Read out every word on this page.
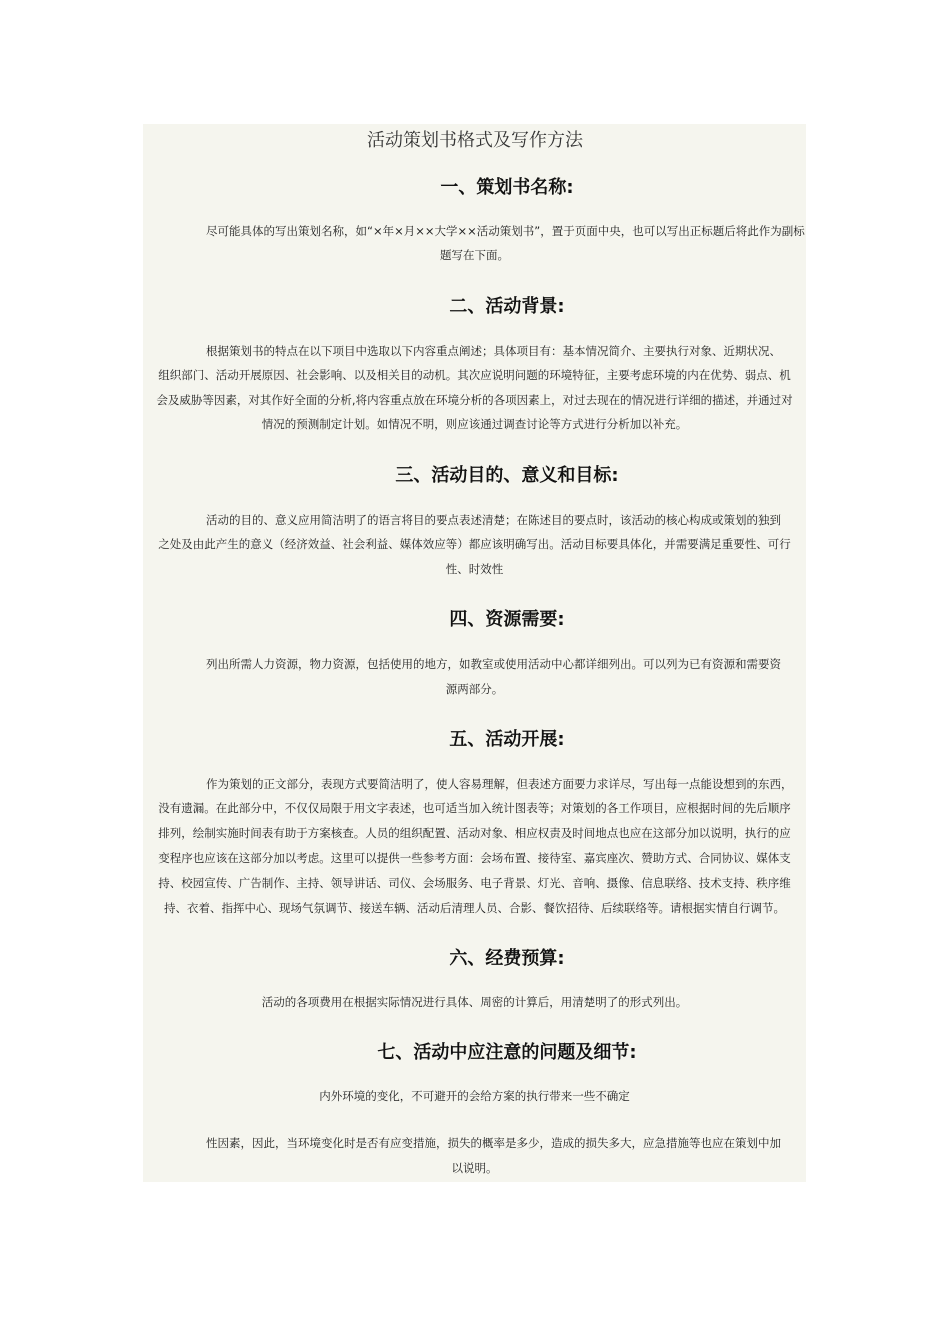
活动策划书格式及写作方法
一、策划书名称:
尽可能具体的写出策划名称，如“×年×月××大学××活动策划书”，置于页面中央，也可以写出正标题后将此作为副标
题写在下面。
二、活动背景:
根据策划书的特点在以下项目中选取以下内容重点阐述；具体项目有：基本情况简介、主要执行对象、近期状况、
组织部门、活动开展原因、社会影响、以及相关目的动机。其次应说明问题的环境特征，主要考虑环境的内在优势、弱点、机
会及威胁等因素，对其作好全面的分析,将内容重点放在环境分析的各项因素上，对过去现在的情况进行详细的描述，并通过对
情况的预测制定计划。如情况不明，则应该通过调查讨论等方式进行分析加以补充。
三、活动目的、意义和目标:
活动的目的、意义应用简洁明了的语言将目的要点表述清楚；在陈述目的要点时，该活动的核心构成或策划的独到
之处及由此产生的意义（经济效益、社会利益、媒体效应等）都应该明确写出。活动目标要具体化，并需要满足重要性、可行
性、时效性
四、资源需要:
列出所需人力资源，物力资源，包括使用的地方，如教室或使用活动中心都详细列出。可以列为已有资源和需要资
源两部分。
五、活动开展:
作为策划的正文部分，表现方式要简洁明了，使人容易理解，但表述方面要力求详尽，写出每一点能设想到的东西，
没有遗漏。在此部分中，不仅仅局限于用文字表述，也可适当加入统计图表等；对策划的各工作项目，应根据时间的先后顺序
排列，绘制实施时间表有助于方案核查。人员的组织配置、活动对象、相应权责及时间地点也应在这部分加以说明，执行的应
变程序也应该在这部分加以考虑。这里可以提供一些参考方面：会场布置、接待室、嘉宾座次、赞助方式、合同协议、媒体支
持、校园宣传、广告制作、主持、领导讲话、司仪、会场服务、电子背景、灯光、音响、摄像、信息联络、技术支持、秩序维
持、衣着、指挥中心、现场气氛调节、接送车辆、活动后清理人员、合影、餐饮招待、后续联络等。请根据实情自行调节。
六、经费预算:
活动的各项费用在根据实际情况进行具体、周密的计算后，用清楚明了的形式列出。
七、活动中应注意的问题及细节:
内外环境的变化，不可避开的会给方案的执行带来一些不确定
性因素，因此，当环境变化时是否有应变措施，损失的概率是多少，造成的损失多大，应急措施等也应在策划中加
以说明。
